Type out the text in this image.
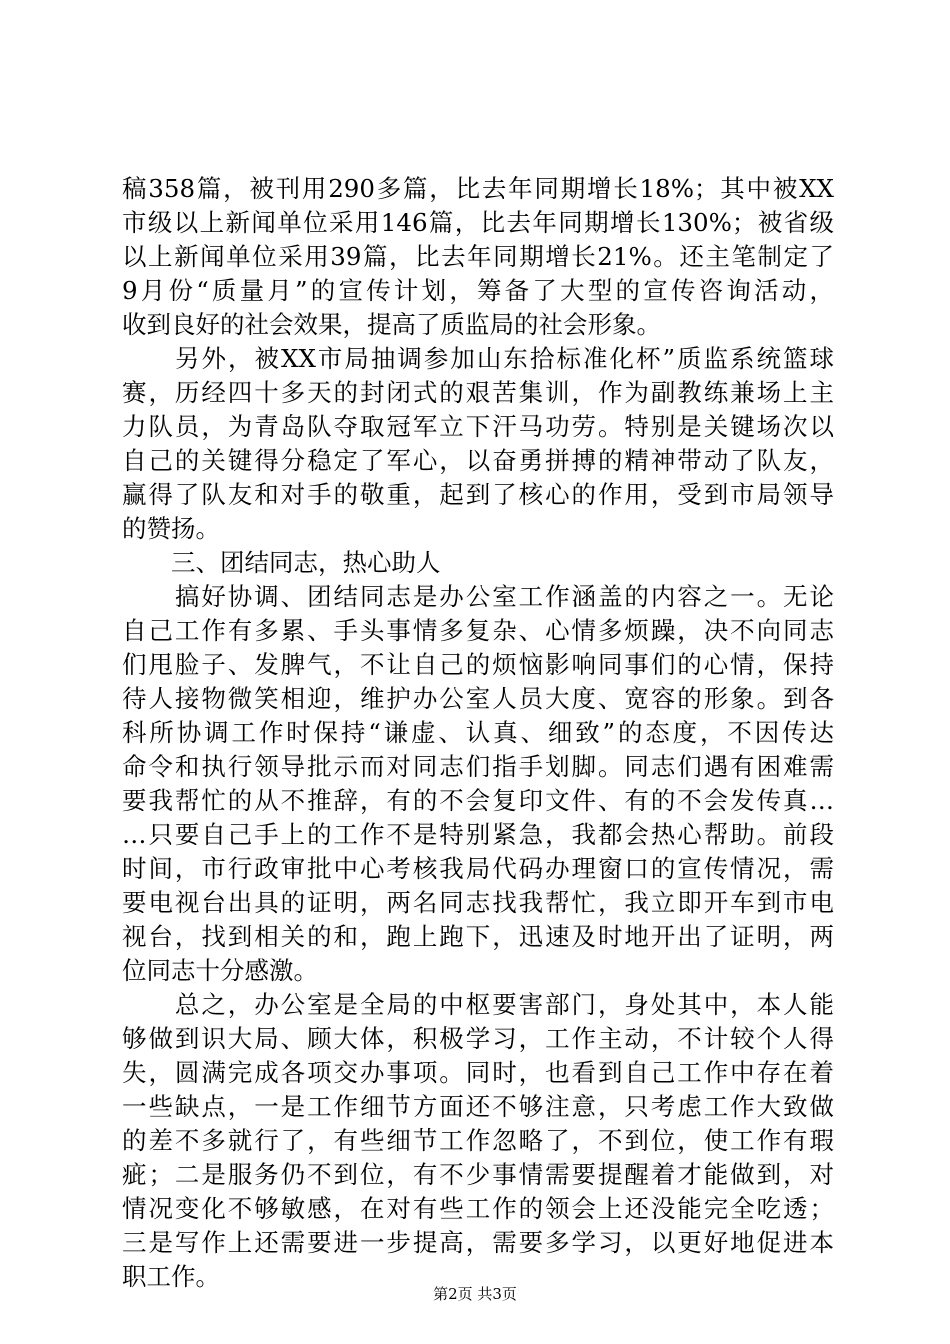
稿358篇，被刊用290多篇，比去年同期增长18%；其中被XX
市级以上新闻单位采用146篇，比去年同期增长130%；被省级
以上新闻单位采用39篇，比去年同期增长21%。还主笔制定了
9月份“质量月”的宣传计划，筹备了大型的宣传咨询活动，
收到良好的社会效果，提高了质监局的社会形象。
　　另外，被XX市局抽调参加山东拾标准化杯”质监系统篮球
赛，历经四十多天的封闭式的艰苦集训，作为副教练兼场上主
力队员，为青岛队夺取冠军立下汗马功劳。特别是关键场次以
自己的关键得分稳定了军心，以奋勇拼搏的精神带动了队友，
赢得了队友和对手的敬重，起到了核心的作用，受到市局领导
的赞扬。
　　三、团结同志，热心助人
　　搞好协调、团结同志是办公室工作涵盖的内容之一。无论
自己工作有多累、手头事情多复杂、心情多烦躁，决不向同志
们甩脸子、发脾气，不让自己的烦恼影响同事们的心情，保持
待人接物微笑相迎，维护办公室人员大度、宽容的形象。到各
科所协调工作时保持“谦虚、认真、细致”的态度，不因传达
命令和执行领导批示而对同志们指手划脚。同志们遇有困难需
要我帮忙的从不推辞，有的不会复印文件、有的不会发传真…
…只要自己手上的工作不是特别紧急，我都会热心帮助。前段
时间，市行政审批中心考核我局代码办理窗口的宣传情况，需
要电视台出具的证明，两名同志找我帮忙，我立即开车到市电
视台，找到相关的和，跑上跑下，迅速及时地开出了证明，两
位同志十分感激。
　　总之，办公室是全局的中枢要害部门，身处其中，本人能
够做到识大局、顾大体，积极学习，工作主动，不计较个人得
失，圆满完成各项交办事项。同时，也看到自己工作中存在着
一些缺点，一是工作细节方面还不够注意，只考虑工作大致做
的差不多就行了，有些细节工作忽略了，不到位，使工作有瑕
疵；二是服务仍不到位，有不少事情需要提醒着才能做到，对
情况变化不够敏感，在对有些工作的领会上还没能完全吃透；
三是写作上还需要进一步提高，需要多学习，以更好地促进本
职工作。
第2页 共3页
